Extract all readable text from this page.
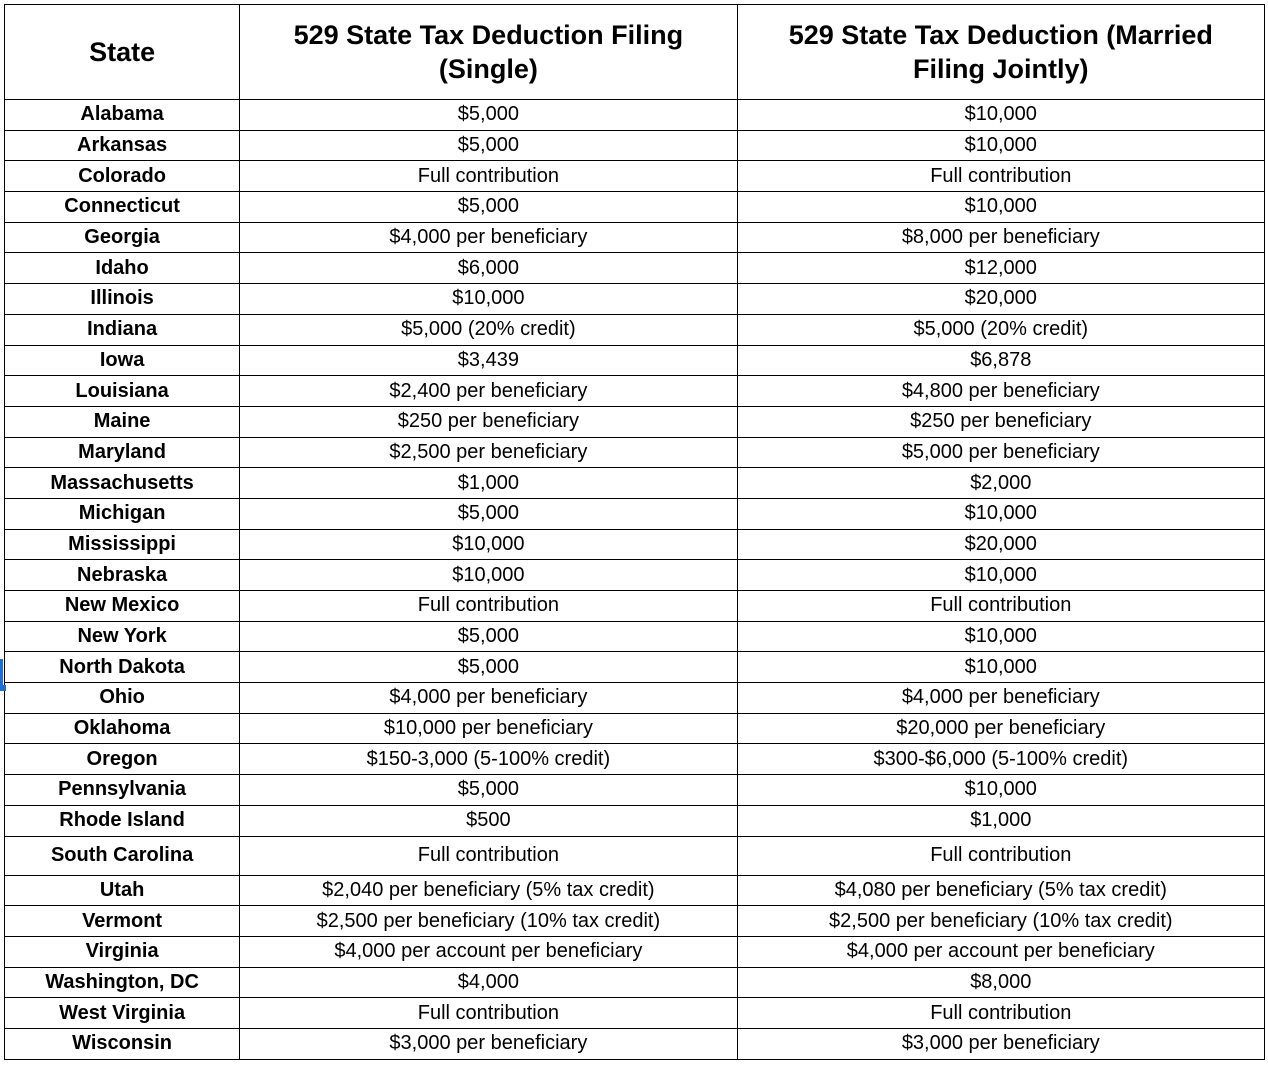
State	
529 State Tax Deduction Filing
(Single)

529 State Tax Deduction (Married
Filing Jointly)

Alabama	$5,000	$10,000
Arkansas	$5,000	$10,000
Colorado	Full contribution	Full contribution
Connecticut	$5,000	$10,000
Georgia	$4,000 per beneficiary	$8,000 per beneficiary
Idaho	$6,000	$12,000
Illinois	$10,000	$20,000
Indiana	$5,000 (20% credit)	$5,000 (20% credit)
Iowa	$3,439	$6,878
Louisiana	$2,400 per beneficiary	$4,800 per beneficiary
Maine	$250 per beneficiary	$250 per beneficiary
Maryland	$2,500 per beneficiary	$5,000 per beneficiary
Massachusetts	$1,000	$2,000
Michigan	$5,000	$10,000
Mississippi	$10,000	$20,000
Nebraska	$10,000	$10,000
New Mexico	Full contribution	Full contribution
New York	$5,000	$10,000
North Dakota	$5,000	$10,000
Ohio	$4,000 per beneficiary	$4,000 per beneficiary
Oklahoma	$10,000 per beneficiary	$20,000 per beneficiary
Oregon	$150-3,000 (5-100% credit)	$300-$6,000 (5-100% credit)
Pennsylvania	$5,000	$10,000
Rhode Island	$500	$1,000
South Carolina	Full contribution	Full contribution
Utah	$2,040 per beneficiary (5% tax credit)	$4,080 per beneficiary (5% tax credit)
Vermont	$2,500 per beneficiary (10% tax credit)	$2,500 per beneficiary (10% tax credit)
Virginia	$4,000 per account per beneficiary	$4,000 per account per beneficiary
Washington, DC	$4,000	$8,000
West Virginia	Full contribution	Full contribution
Wisconsin	$3,000 per beneficiary	$3,000 per beneficiary
